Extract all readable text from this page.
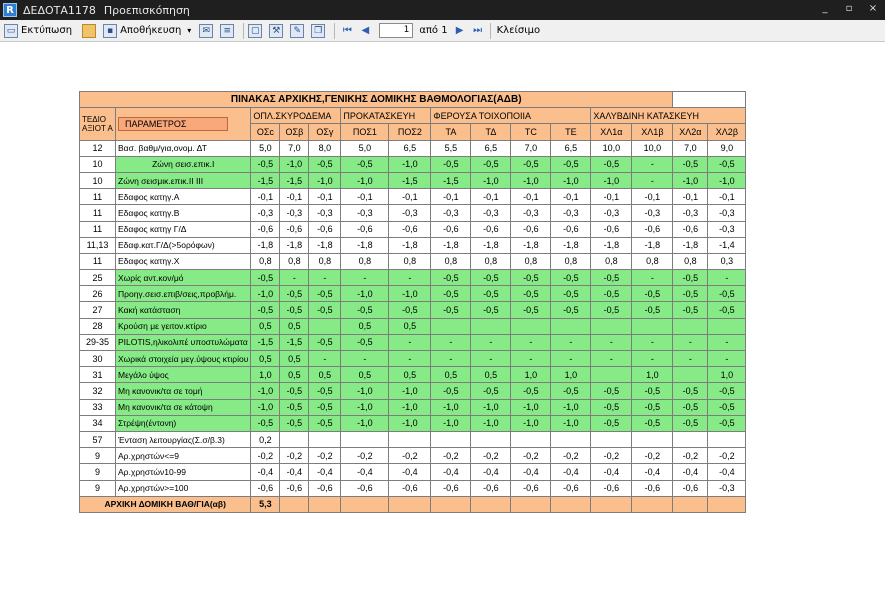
R ΔΕΔΟΤΑ1178 Προεπισκόπηση	_	▫ ×
▭ Εκτύπωση	▪ Αποθήκευση ▾	✉	≡	▢	⚒	✎	❐ ⏮ ◀	1	από 1 ▶ ⏭ Κλείσιμο
ΠΙΝΑΚΑΣ ΑΡΧΙΚΗΣ,ΓΕΝΙΚΗΣ ΔΟΜΙΚΗΣ ΒΑΘΜΟΛΟΓΙΑΣ(ΑΔΒ)														
ΤΕΔΙΟ ΑΞΙΟΤ Α	ΠΑΡΑΜΕΤΡΟΣ	ΟΠΛ.ΣΚΥΡΟΔΕΜΑ			ΠΡΟΚΑΤΑΣΚΕΥΗ		ΦΕΡΟΥΣΑ ΤΟΙΧΟΠΟΙΙΑ				ΧΑΛΥΒΔΙΝΗ ΚΑΤΑΣΚΕΥΗ			
		ΟΣc	ΟΣβ	ΟΣγ	ΠΟΣ1	ΠΟΣ2	ΤΑ	ΤΔ	ΤC	ΤΕ	ΧΛ1α	ΧΛ1β	ΧΛ2α	ΧΛ2β
12	Βασ. βαθμ/για,ονομ. ΔΤ	5,0	7,0	8,0	5,0	6,5	5,5	6,5	7,0	6,5	10,0	10,0	7,0	9,0
10	Ζώνη σεισ.επικ.Ι	-0,5	-1,0	-0,5	-0,5	-1,0	-0,5	-0,5	-0,5	-0,5	-0,5	-	-0,5	-0,5
10	Ζώνη σεισμικ.επικ.ΙΙ ΙΙΙ	-1,5	-1,5	-1,0	-1,0	-1,5	-1,5	-1,0	-1,0	-1,0	-1,0	-	-1,0	-1,0
11	Εδαφος κατηγ.Α	-0,1	-0,1	-0,1	-0,1	-0,1	-0,1	-0,1	-0,1	-0,1	-0,1	-0,1	-0,1	-0,1
11	Εδαφος κατηγ.Β	-0,3	-0,3	-0,3	-0,3	-0,3	-0,3	-0,3	-0,3	-0,3	-0,3	-0,3	-0,3	-0,3
11	Εδαφος κατηγ Γ/Δ	-0,6	-0,6	-0,6	-0,6	-0,6	-0,6	-0,6	-0,6	-0,6	-0,6	-0,6	-0,6	-0,3
11,13	Εδαφ.κατ.Γ/Δ(>5ορόφων)	-1,8	-1,8	-1,8	-1,8	-1,8	-1,8	-1,8	-1,8	-1,8	-1,8	-1,8	-1,8	-1,4
11	Εδαφος κατηγ.Χ	0,8	0,8	0,8	0,8	0,8	0,8	0,8	0,8	0,8	0,8	0,8	0,8	0,3
25	Χωρίς αντ.κον/μό	-0,5	-	-	-	-	-0,5	-0,5	-0,5	-0,5	-0,5	-	-0,5	-
26	Προηγ.σεισ.επιβ/σεις,προβλήμ.	-1,0	-0,5	-0,5	-1,0	-1,0	-0,5	-0,5	-0,5	-0,5	-0,5	-0,5	-0,5	-0,5
27	Κακή κατάσταση	-0,5	-0,5	-0,5	-0,5	-0,5	-0,5	-0,5	-0,5	-0,5	-0,5	-0,5	-0,5	-0,5
28	Κρούση με γειτον.κτίριο	0,5	0,5		0,5	0,5								
29-35	PILOTIS,ηλικολιπέ υποστυλώματα	-1,5	-1,5	-0,5	-0,5	-	-	-	-	-	-	-	-	-
30	Χωρικά στοιχεία μεγ.ύψους κτιρίου	0,5	0,5	-	-	-	-	-	-	-	-	-	-	-
31	Μεγάλο ύψος	1,0	0,5	0,5	0,5	0,5	0,5	0,5	1,0	1,0		1,0		1,0
32	Μη κανονικ/τα σε τομή	-1,0	-0,5	-0,5	-1,0	-1,0	-0,5	-0,5	-0,5	-0,5	-0,5	-0,5	-0,5	-0,5
33	Μη κανονικ/τα σε κάτοψη	-1,0	-0,5	-0,5	-1,0	-1,0	-1,0	-1,0	-1,0	-1,0	-0,5	-0,5	-0,5	-0,5
34	Στρέψη(έντονη)	-0,5	-0,5	-0,5	-1,0	-1,0	-1,0	-1,0	-1,0	-1,0	-0,5	-0,5	-0,5	-0,5
57	Ένταση λειτουργίας(Σ.σ/β.3)	0,2												
9	Αρ.χρηστών<=9	-0,2	-0,2	-0,2	-0,2	-0,2	-0,2	-0,2	-0,2	-0,2	-0,2	-0,2	-0,2	-0,2
9	Αρ.χρηστών10-99	-0,4	-0,4	-0,4	-0,4	-0,4	-0,4	-0,4	-0,4	-0,4	-0,4	-0,4	-0,4	-0,4
9	Αρ.χρηστών>=100	-0,6	-0,6	-0,6	-0,6	-0,6	-0,6	-0,6	-0,6	-0,6	-0,6	-0,6	-0,6	-0,3
ΑΡΧΙΚΗ ΔΟΜΙΚΗ ΒΑΘ/ΓΙΑ(αβ)		5,3												
